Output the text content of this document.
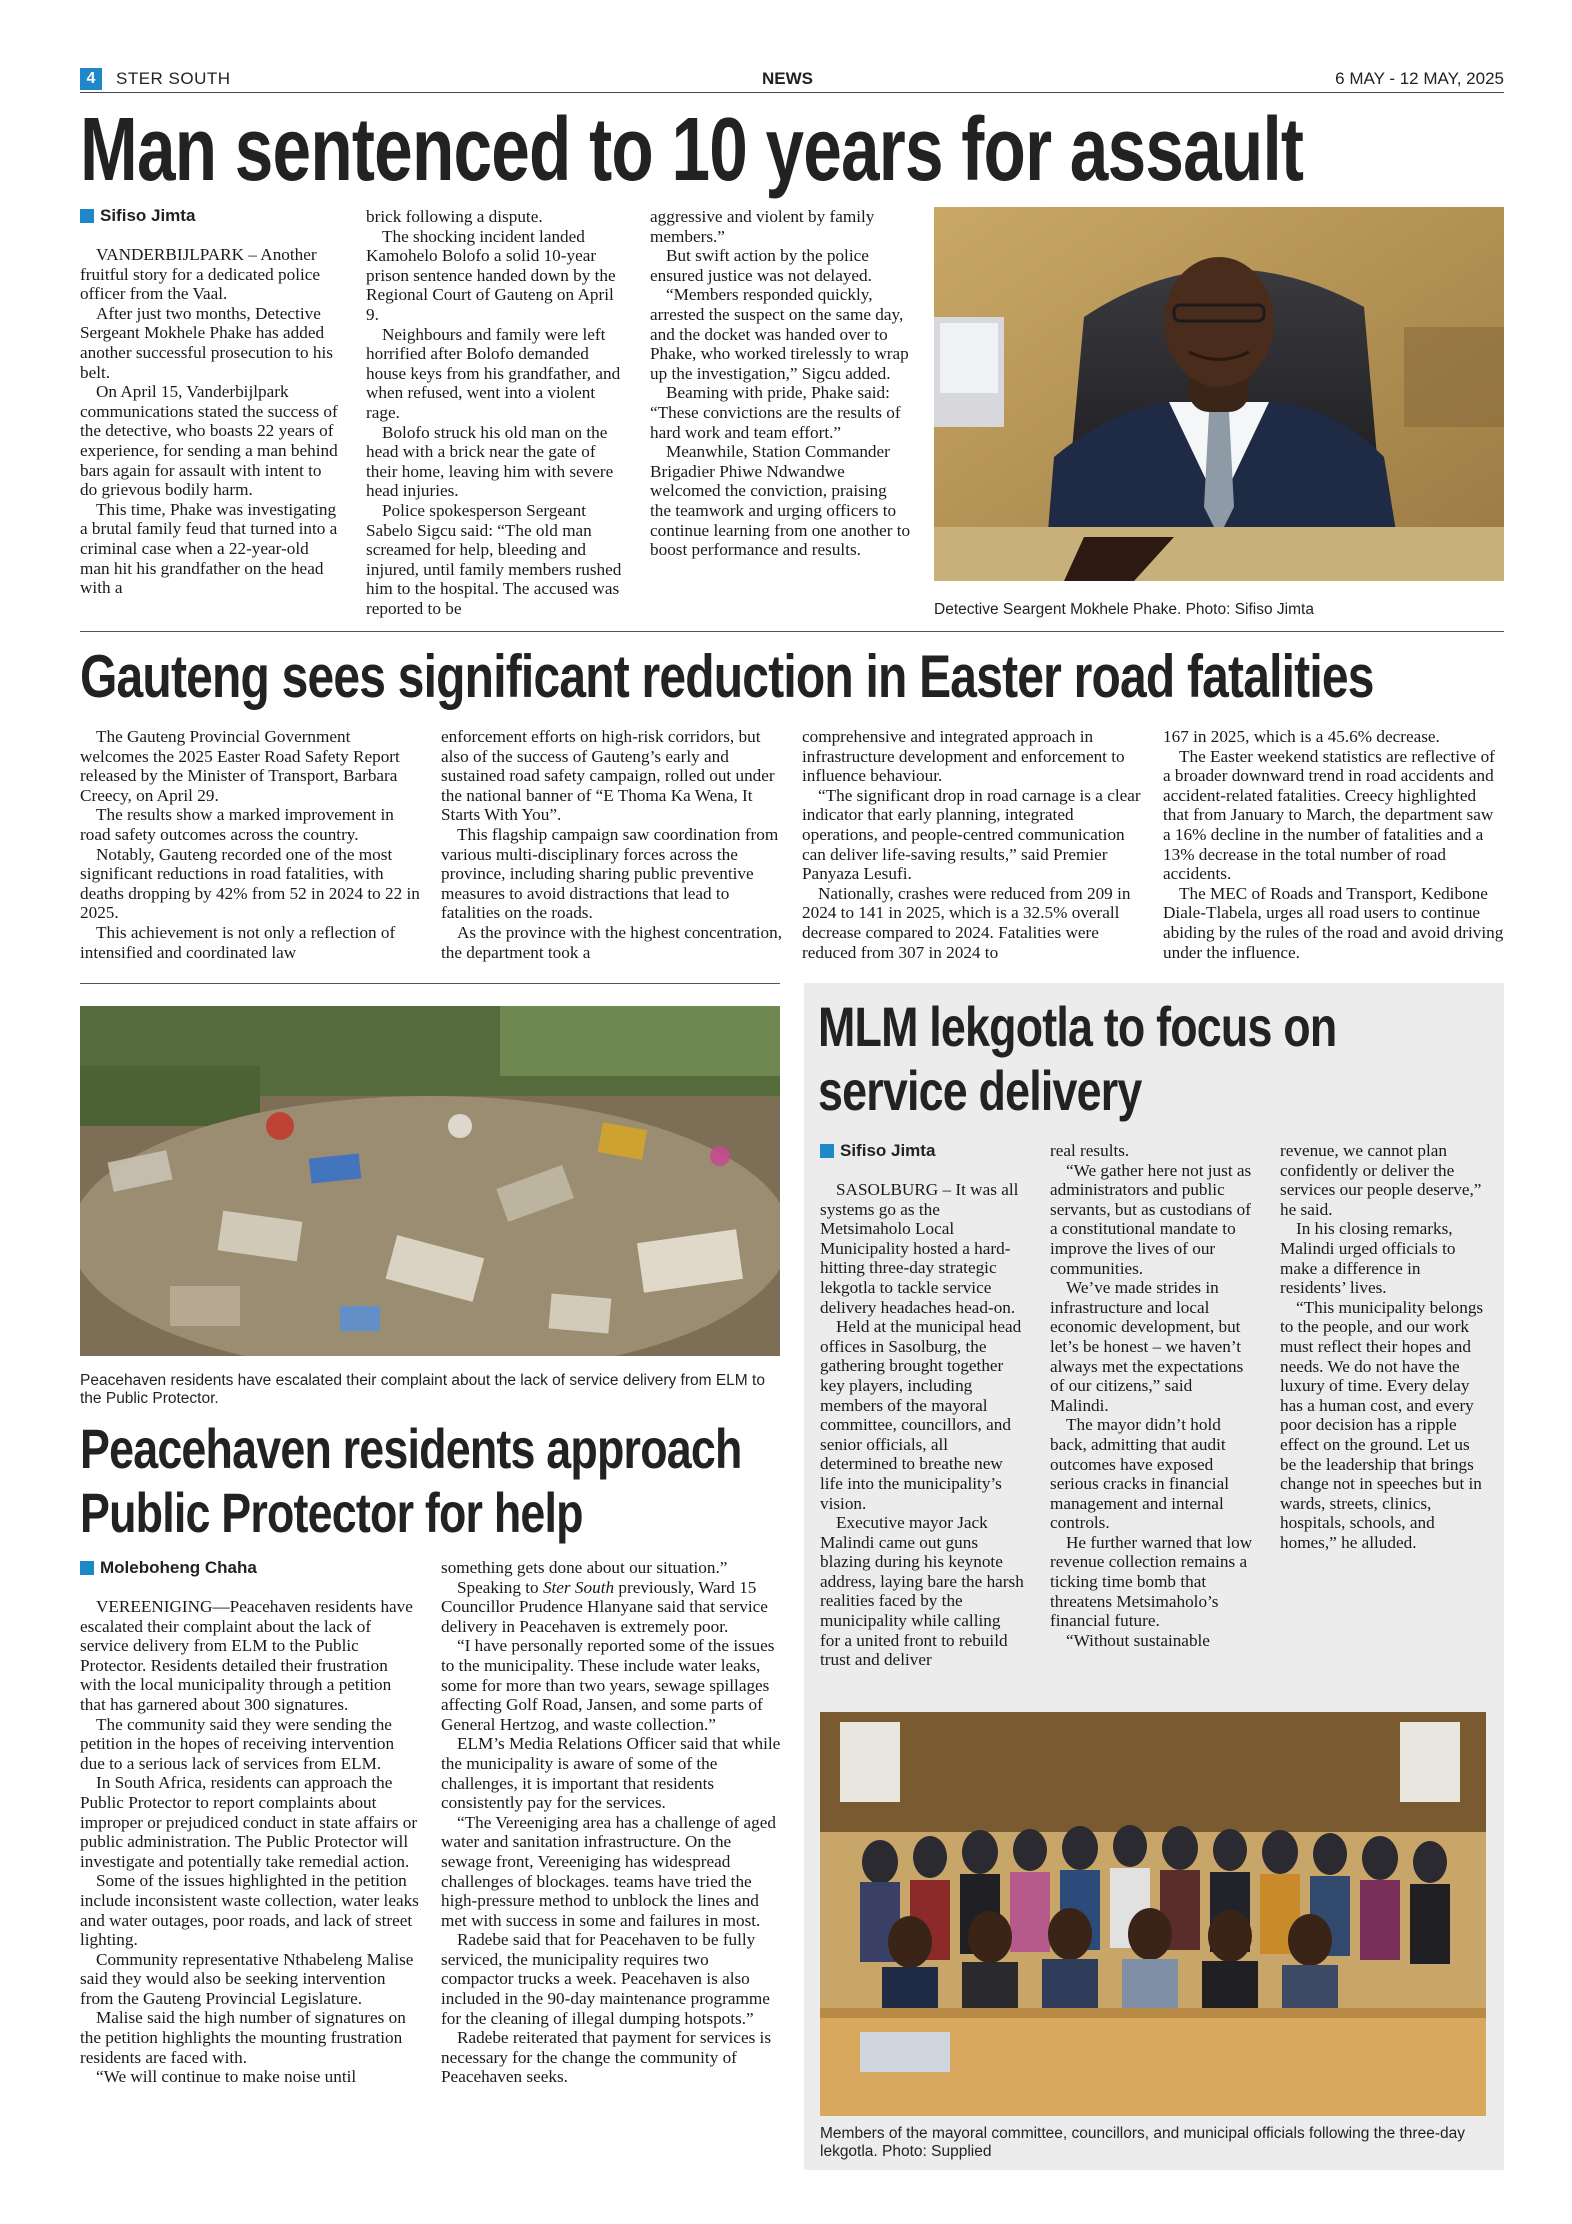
4	STER SOUTH	NEWS	6 MAY - 12 MAY, 2025
Man sentenced to 10 years for assault
Sifiso Jimta

VANDERBIJLPARK – Another fruitful story for a dedicated police officer from the Vaal.

After just two months, Detective Sergeant Mokhele Phake has added another successful prosecution to his belt.

On April 15, Vanderbijlpark communications stated the success of the detective, who boasts 22 years of experience, for sending a man behind bars again for assault with intent to do grievous bodily harm.

This time, Phake was investigating a brutal family feud that turned into a criminal case when a 22-year-old man hit his grandfather on the head with a

brick following a dispute.

The shocking incident landed Kamohelo Bolofo a solid 10-year prison sentence handed down by the Regional Court of Gauteng on April 9.

Neighbours and family were left horrified after Bolofo demanded house keys from his grandfather, and when refused, went into a violent rage.

Bolofo struck his old man on the head with a brick near the gate of their home, leaving him with severe head injuries.

Police spokesperson Sergeant Sabelo Sigcu said: “The old man screamed for help, bleeding and injured, until family members rushed him to the hospital. The accused was reported to be

aggressive and violent by family members.”

But swift action by the police ensured justice was not delayed.

“Members responded quickly, arrested the suspect on the same day, and the docket was handed over to Phake, who worked tirelessly to wrap up the investigation,” Sigcu added.

Beaming with pride, Phake said: “These convictions are the results of hard work and team effort.”

Meanwhile, Station Commander Brigadier Phiwe Ndwandwe welcomed the conviction, praising the teamwork and urging officers to continue learning from one another to boost performance and results.

Detective Seargent Mokhele Phake. Photo: Sifiso Jimta
Gauteng sees significant reduction in Easter road fatalities

The Gauteng Provincial Government welcomes the 2025 Easter Road Safety Report released by the Minister of Transport, Barbara Creecy, on April 29.

The results show a marked improvement in road safety outcomes across the country.

Notably, Gauteng recorded one of the most significant reductions in road fatalities, with deaths dropping by 42% from 52 in 2024 to 22 in 2025.

This achievement is not only a reflection of intensified and coordinated law

enforcement efforts on high-risk corridors, but also of the success of Gauteng’s early and sustained road safety campaign, rolled out under the national banner of “E Thoma Ka Wena, It Starts With You”.

This flagship campaign saw coordination from various multi-disciplinary forces across the province, including sharing public preventive measures to avoid distractions that lead to fatalities on the roads.

As the province with the highest concentration, the department took a

comprehensive and integrated approach in infrastructure development and enforcement to influence behaviour.

“The significant drop in road carnage is a clear indicator that early planning, integrated operations, and people-centred communication can deliver life-saving results,” said Premier Panyaza Lesufi.

Nationally, crashes were reduced from 209 in 2024 to 141 in 2025, which is a 32.5% overall decrease compared to 2024. Fatalities were reduced from 307 in 2024 to

167 in 2025, which is a 45.6% decrease.

The Easter weekend statistics are reflective of a broader downward trend in road accidents and accident-related fatalities. Creecy highlighted that from January to March, the department saw a 16% decline in the number of fatalities and a 13% decrease in the total number of road accidents.

The MEC of Roads and Transport, Kedibone Diale-Tlabela, urges all road users to continue abiding by the rules of the road and avoid driving under the influence.

Peacehaven residents have escalated their complaint about the lack of service delivery from ELM to the Public Protector.
Peacehaven residents approach
Public Protector for help
Moleboheng Chaha

VEREENIGING—Peacehaven residents have escalated their complaint about the lack of service delivery from ELM to the Public Protector. Residents detailed their frustration with the local municipality through a petition that has garnered about 300 signatures.

The community said they were sending the petition in the hopes of receiving intervention due to a serious lack of services from ELM.

In South Africa, residents can approach the Public Protector to report complaints about improper or prejudiced conduct in state affairs or public administration. The Public Protector will investigate and potentially take remedial action.

Some of the issues highlighted in the petition include inconsistent waste collection, water leaks and water outages, poor roads, and lack of street lighting.

Community representative Nthabeleng Malise said they would also be seeking intervention from the Gauteng Provincial Legislature.

Malise said the high number of signatures on the petition highlights the mounting frustration residents are faced with.

“We will continue to make noise until

something gets done about our situation.”

Speaking to Ster South previously, Ward 15 Councillor Prudence Hlanyane said that service delivery in Peacehaven is extremely poor.

“I have personally reported some of the issues to the municipality. These include water leaks, some for more than two years, sewage spillages affecting Golf Road, Jansen, and some parts of General Hertzog, and waste collection.”

ELM’s Media Relations Officer said that while the municipality is aware of some of the challenges, it is important that residents consistently pay for the services.

“The Vereeniging area has a challenge of aged water and sanitation infrastructure. On the sewage front, Vereeniging has widespread challenges of blockages. teams have tried the high-pressure method to unblock the lines and met with success in some and failures in most.

Radebe said that for Peacehaven to be fully serviced, the municipality requires two compactor trucks a week. Peacehaven is also included in the 90-day maintenance programme for the cleaning of illegal dumping hotspots.”

Radebe reiterated that payment for services is necessary for the change the community of Peacehaven seeks.

MLM lekgotla to focus on
service delivery
Sifiso Jimta

SASOLBURG – It was all systems go as the Metsimaholo Local Municipality hosted a hard-hitting three-day strategic lekgotla to tackle service delivery headaches head-on.

Held at the municipal head offices in Sasolburg, the gathering brought together key players, including members of the mayoral committee, councillors, and senior officials, all determined to breathe new life into the municipality’s vision.

Executive mayor Jack Malindi came out guns blazing during his keynote address, laying bare the harsh realities faced by the municipality while calling for a united front to rebuild trust and deliver

real results.

“We gather here not just as administrators and public servants, but as custodians of a constitutional mandate to improve the lives of our communities.

We’ve made strides in infrastructure and local economic development, but let’s be honest – we haven’t always met the expectations of our citizens,” said Malindi.

The mayor didn’t hold back, admitting that audit outcomes have exposed serious cracks in financial management and internal controls.

He further warned that low revenue collection remains a ticking time bomb that threatens Metsimaholo’s financial future.

“Without sustainable

revenue, we cannot plan confidently or deliver the services our people deserve,” he said.

In his closing remarks, Malindi urged officials to make a difference in residents’ lives.

“This municipality belongs to the people, and our work must reflect their hopes and needs. We do not have the luxury of time. Every delay has a human cost, and every poor decision has a ripple effect on the ground. Let us be the leadership that brings change not in speeches but in wards, streets, clinics, hospitals, schools, and homes,” he alluded.

Members of the mayoral committee, councillors, and municipal officials following the three-day lekgotla. Photo: Supplied
